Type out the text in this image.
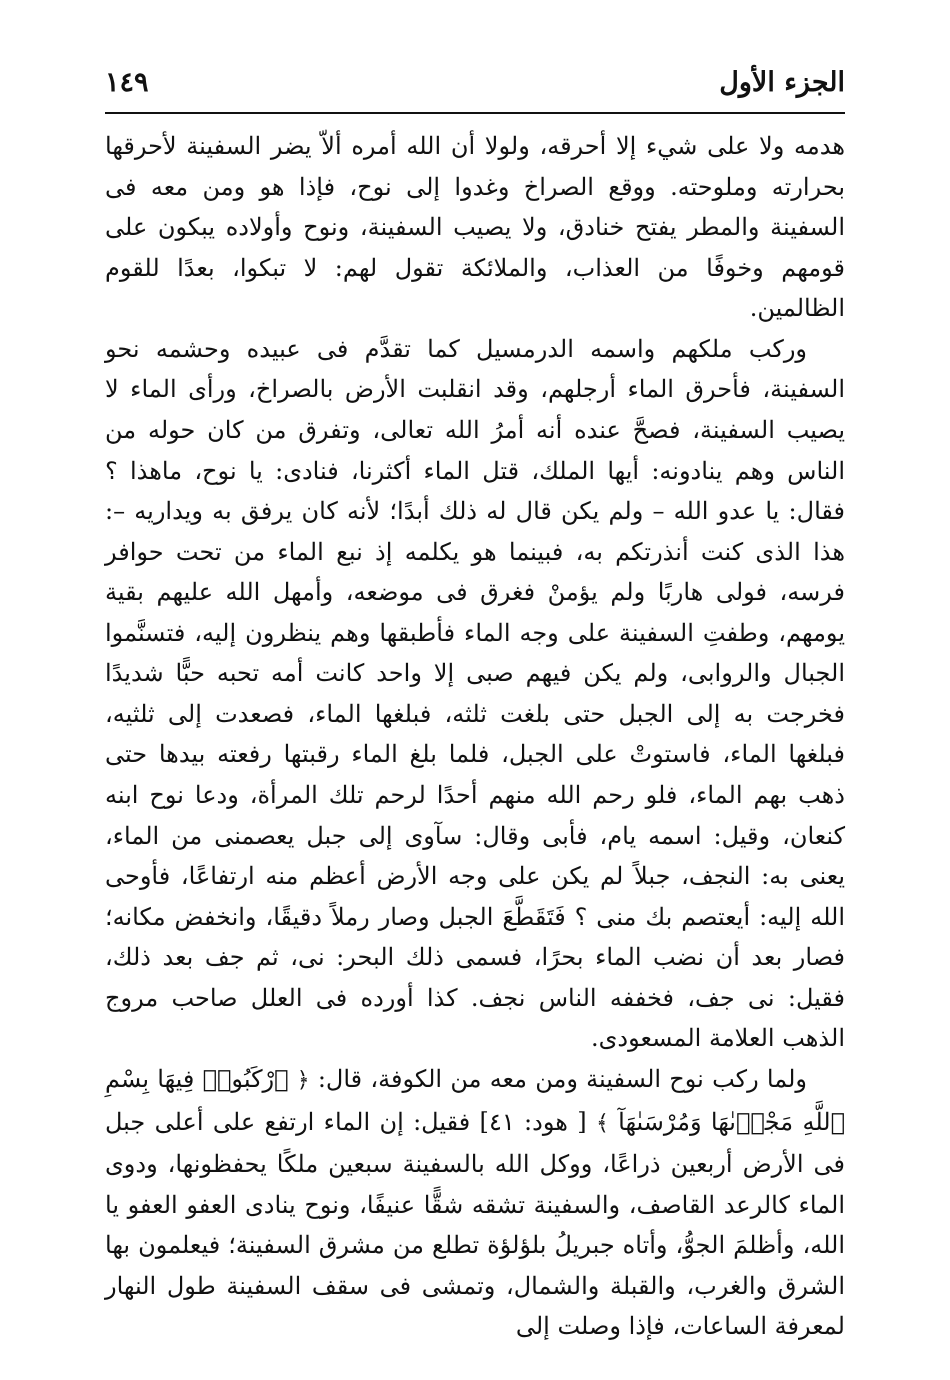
الجزء الأول
١٤٩

هدمه ولا على شيء إلا أحرقه، ولولا أن الله أمره ألاّ يضر السفينة لأحرقها بحرارته وملوحته. ووقع الصراخ وغدوا إلى نوح، فإذا هو ومن معه فى السفينة والمطر يفتح خنادق، ولا يصيب السفينة، ونوح وأولاده يبكون على قومهم وخوفًا من العذاب، والملائكة تقول لهم: لا تبكوا، بعدًا للقوم الظالمين.

وركب ملكهم واسمه الدرمسيل كما تقدَّم فى عبيده وحشمه نحو السفينة، فأحرق الماء أرجلهم، وقد انقلبت الأرض بالصراخ، ورأى الماء لا يصيب السفينة، فصحَّ عنده أنه أمرُ الله تعالى، وتفرق من كان حوله من الناس وهم ينادونه: أيها الملك، قتل الماء أكثرنا، فنادى: يا نوح، ماهذا ؟ فقال: يا عدو الله – ولم يكن قال له ذلك أبدًا؛ لأنه كان يرفق به ويداريه –: هذا الذى كنت أنذرتكم به، فبينما هو يكلمه إذ نبع الماء من تحت حوافر فرسه، فولى هاربًا ولم يؤمنْ فغرق فى موضعه، وأمهل الله عليهم بقية يومهم، وطفتِ السفينة على وجه الماء فأطبقها وهم ينظرون إليه، فتسنَّموا الجبال والروابى، ولم يكن فيهم صبى إلا واحد كانت أمه تحبه حبًّا شديدًا فخرجت به إلى الجبل حتى بلغت ثلثه، فبلغها الماء، فصعدت إلى ثلثيه، فبلغها الماء، فاستوتْ على الجبل، فلما بلغ الماء رقبتها رفعته بيدها حتى ذهب بهم الماء، فلو رحم الله منهم أحدًا لرحم تلك المرأة، ودعا نوح ابنه كنعان، وقيل: اسمه يام، فأبى وقال: سآوى إلى جبل يعصمنى من الماء، يعنى به: النجف، جبلاً لم يكن على وجه الأرض أعظم منه ارتفاعًا، فأوحى الله إليه: أيعتصم بك منى ؟ فَتَقَطَّعَ الجبل وصار رملاً دقيقًا، وانخفض مكانه؛ فصار بعد أن نضب الماء بحرًا، فسمى ذلك البحر: نى، ثم جف بعد ذلك، فقيل: نى جف، فخففه الناس نجف. كذا أورده فى العلل صاحب مروج الذهب العلامة المسعودى.

ولما ركب نوح السفينة ومن معه من الكوفة، قال: ﴿ ٱرْكَبُوا۟ فِيهَا بِسْمِ ٱللَّهِ مَجْر۪ىٰهَا وَمُرْسَىٰهَآ ﴾ [ هود: ٤١] فقيل: إن الماء ارتفع على أعلى جبل فى الأرض أربعين ذراعًا، ووكل الله بالسفينة سبعين ملكًا يحفظونها، ودوى الماء كالرعد القاصف، والسفينة تشقه شقًّا عنيفًا، ونوح ينادى العفو العفو يا الله، وأظلمَ الجوُّ، وأتاه جبريلُ بلؤلؤة تطلع من مشرق السفينة؛ فيعلمون بها الشرق والغرب، والقبلة والشمال، وتمشى فى سقف السفينة طول النهار لمعرفة الساعات، فإذا وصلت إلى
